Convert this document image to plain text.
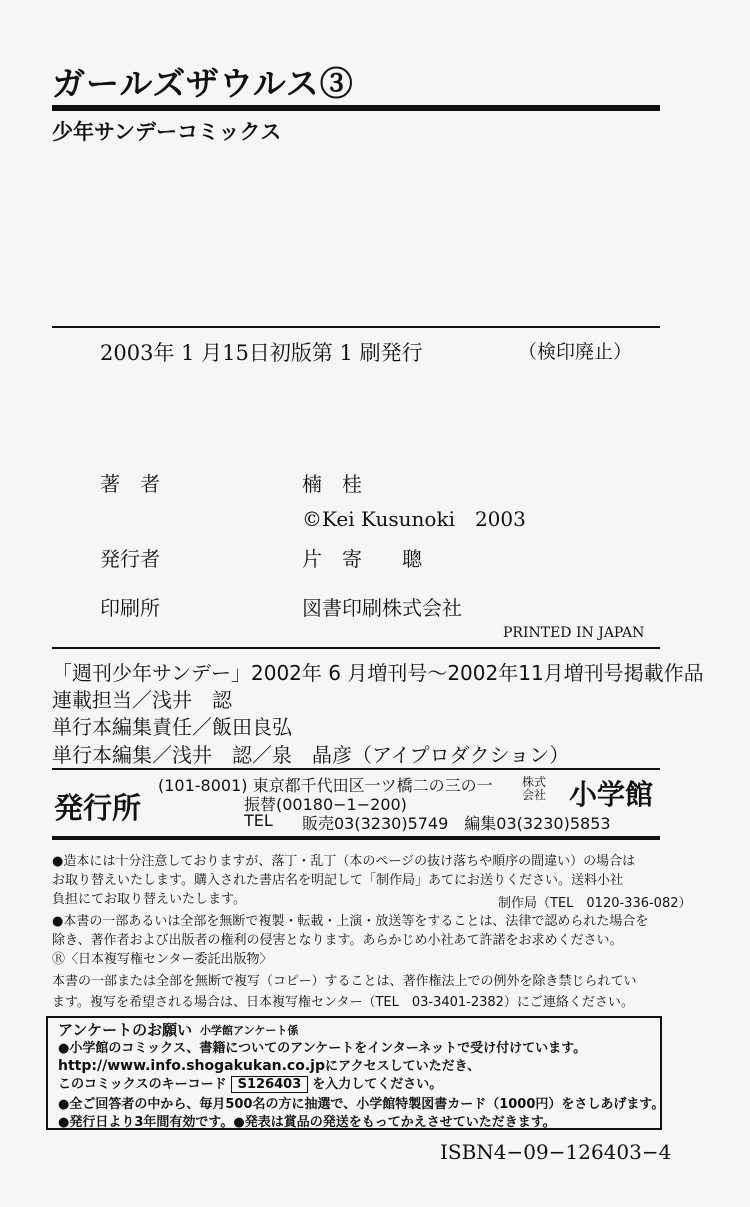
ガールズザウルス③
少年サンデーコミックス
2003年 1 月15日初版第 1 刷発行	（検印廃止）
著　者	楠　桂
©Kei Kusunoki　2003
発行者	片　寄　　聰
印刷所	図書印刷株式会社
PRINTED IN JAPAN
「週刊少年サンデー」2002年 6 月増刊号～2002年11月増刊号掲載作品
連載担当／浅井　認
単行本編集責任／飯田良弘
単行本編集／浅井　認／泉　晶彦（アイプロダクション）
発行所
(101-8001) 東京都千代田区一ツ橋二の三の一
振替(00180−1−200)
TEL 販売03(3230)5749　編集03(3230)5853
株式
会社 小学館
●造本には十分注意しておりますが、落丁・乱丁（本のページの抜け落ちや順序の間違い）の場合は
お取り替えいたします。購入された書店名を明記して「制作局」あてにお送りください。送料小社
負担にてお取り替えいたします。	制作局（TEL　0120-336-082）
●本書の一部あるいは全部を無断で複製・転載・上演・放送等をすることは、法律で認められた場合を
除き、著作者および出版者の権利の侵害となります。あらかじめ小社あて許諾をお求めください。
Ⓡ〈日本複写権センター委託出版物〉
本書の一部または全部を無断で複写（コピー）することは、著作権法上での例外を除き禁じられてい
ます。複写を希望される場合は、日本複写権センター（TEL　03-3401-2382）にご連絡ください。
アンケートのお願い 小学館アンケート係
●小学館のコミックス、書籍についてのアンケートをインターネットで受け付けています。
http://www.info.shogakukan.co.jpにアクセスしていただき、
このコミックスのキーコード S126403 を入力してください。
●全ご回答者の中から、毎月500名の方に抽選で、小学館特製図書カード（1000円）をさしあげます。
●発行日より3年間有効です。●発表は賞品の発送をもってかえさせていただきます。
ISBN4−09−126403−4
